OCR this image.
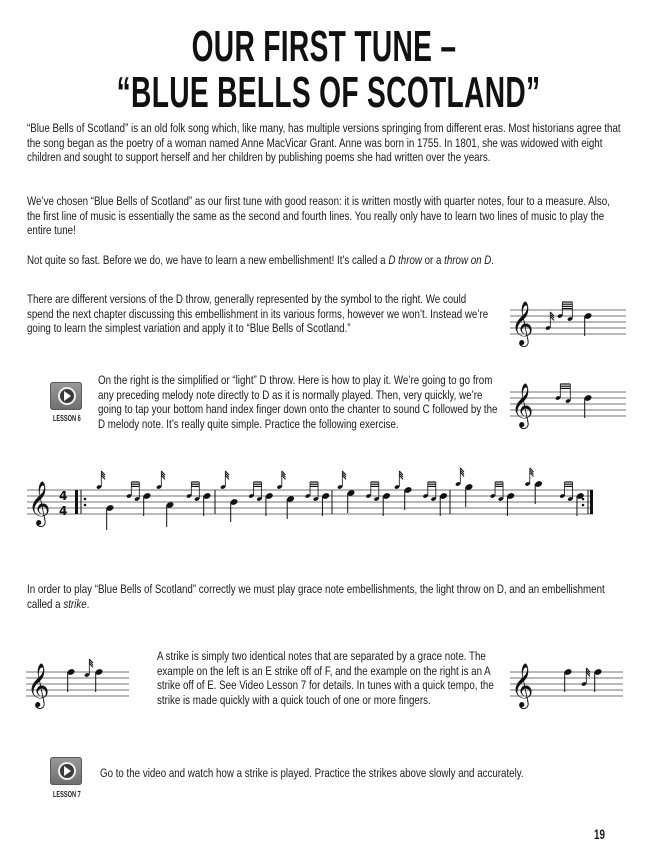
OUR FIRST TUNE –
“BLUE BELLS OF SCOTLAND”

“Blue Bells of Scotland” is an old folk song which, like many, has multiple versions springing from different eras. Most historians agree that the song began as the poetry of a woman named Anne MacVicar Grant. Anne was born in 1755. In 1801, she was widowed with eight children and sought to support herself and her children by publishing poems she had written over the years.

We’ve chosen “Blue Bells of Scotland” as our first tune with good reason: it is written mostly with quarter notes, four to a measure. Also, the first line of music is essentially the same as the second and fourth lines. You really only have to learn two lines of music to play the entire tune!

Not quite so fast. Before we do, we have to learn a new embellishment! It’s called a D throw or a throw on D.

There are different versions of the D throw, generally represented by the symbol to the right. We could spend the next chapter discussing this embellishment in its various forms, however we won’t. Instead we’re going to learn the simplest variation and apply it to “Blue Bells of Scotland.”	𝄞
LESSON 6

On the right is the simplified or “light” D throw. Here is how to play it. We’re going to go from any preceding melody note directly to D as it is normally played. Then, very quickly, we’re going to tap your bottom hand index finger down onto the chanter to sound C followed by the D melody note. It’s really quite simple. Practice the following exercise.	𝄞
𝄞 4
4

In order to play “Blue Bells of Scotland” correctly we must play grace note embellishments, the light throw on D, and an embellishment called a strike.

𝄞

A strike is simply two identical notes that are separated by a grace note. The example on the left is an E strike off of F, and the example on the right is an A strike off of E. See Video Lesson 7 for details. In tunes with a quick tempo, the strike is made quickly with a quick touch of one or more fingers.	𝄞
LESSON 7

Go to the video and watch how a strike is played. Practice the strikes above slowly and accurately.

19
